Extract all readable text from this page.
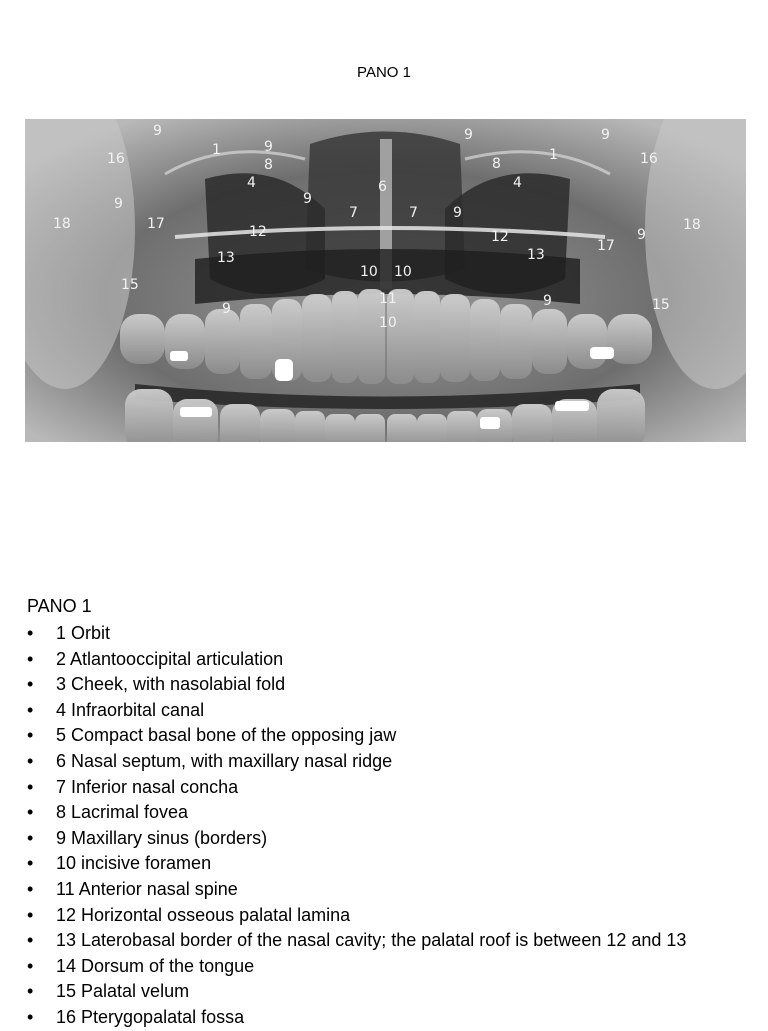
PANO 1
9
16
1	9
8
4
9
6
9
8
1
4
9
16
9
18	17	12
7	7	9
12
17
9
18
13	13
15
10 10
11
9	9	15
10
PANO 1
• 1 Orbit
• 2 Atlantooccipital articulation
• 3 Cheek, with nasolabial fold
• 4 Infraorbital canal
• 5 Compact basal bone of the opposing jaw
• 6 Nasal septum, with maxillary nasal ridge
• 7 Inferior nasal concha
• 8 Lacrimal fovea
• 9 Maxillary sinus (borders)
• 10 incisive foramen
• 11 Anterior nasal spine
• 12 Horizontal osseous palatal lamina
• 13 Laterobasal border of the nasal cavity; the palatal roof is between 12 and 13
• 14 Dorsum of the tongue
• 15 Palatal velum
• 16 Pterygopalatal fossa
